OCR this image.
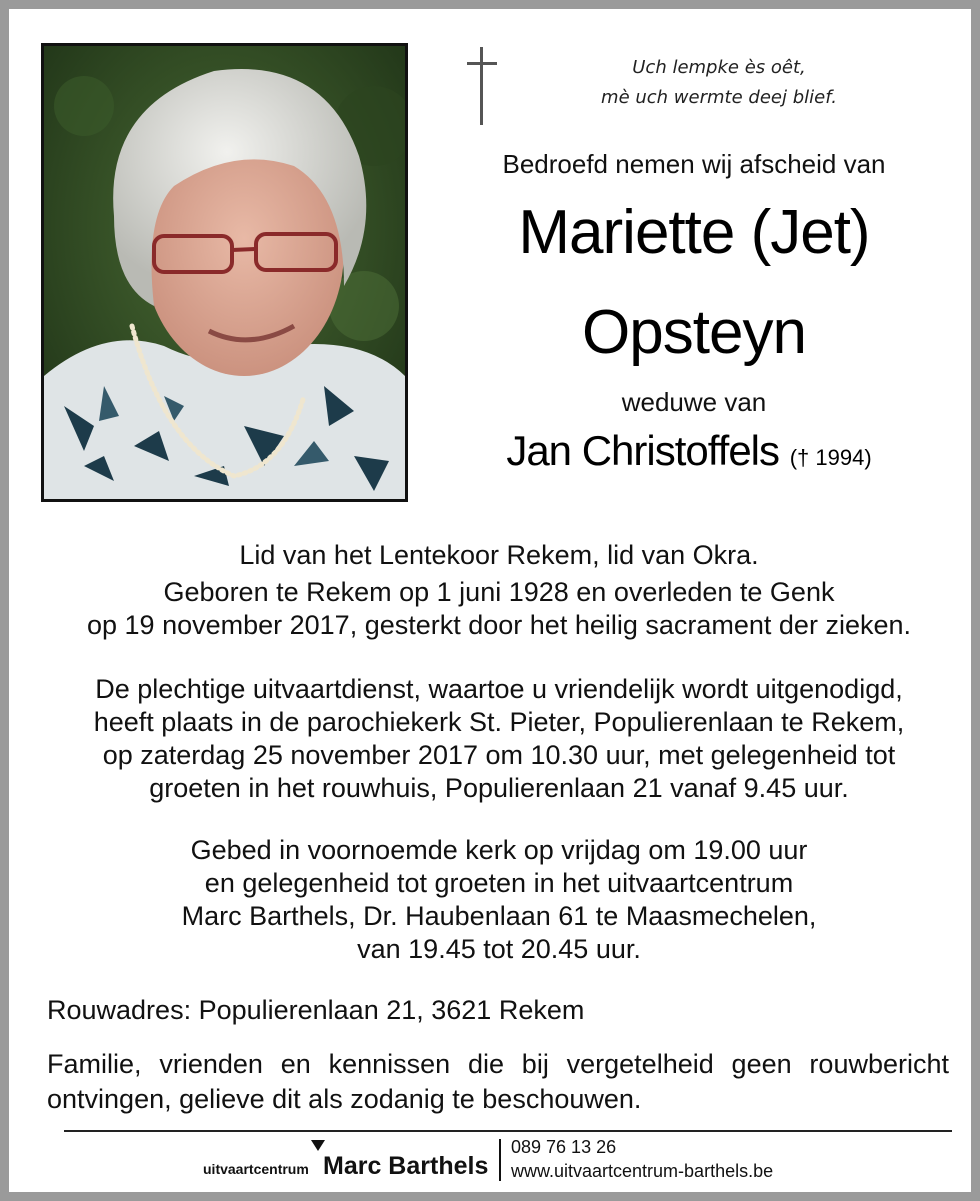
Uch lempke ès oêt,
mè uch wermte deej blief.
Bedroefd nemen wij afscheid van
Mariette (Jet)
Opsteyn
weduwe van
Jan Christoffels († 1994)
Lid van het Lentekoor Rekem, lid van Okra.
Geboren te Rekem op 1 juni 1928 en overleden te Genk
op 19 november 2017, gesterkt door het heilig sacrament der zieken.
De plechtige uitvaartdienst, waartoe u vriendelijk wordt uitgenodigd,
heeft plaats in de parochiekerk St. Pieter, Populierenlaan te Rekem,
op zaterdag 25 november 2017 om 10.30 uur, met gelegenheid tot
groeten in het rouwhuis, Populierenlaan 21 vanaf 9.45 uur.
Gebed in voornoemde kerk op vrijdag om 19.00 uur
en gelegenheid tot groeten in het uitvaartcentrum
Marc Barthels, Dr. Haubenlaan 61 te Maasmechelen,
van 19.45 tot 20.45 uur.
Rouwadres: Populierenlaan 21, 3621 Rekem
Familie, vrienden en kennissen die bij vergetelheid geen rouwbericht ontvingen, gelieve dit als zodanig te beschouwen.
uitvaartcentrum Marc Barthels
089 76 13 26
www.uitvaartcentrum-barthels.be
